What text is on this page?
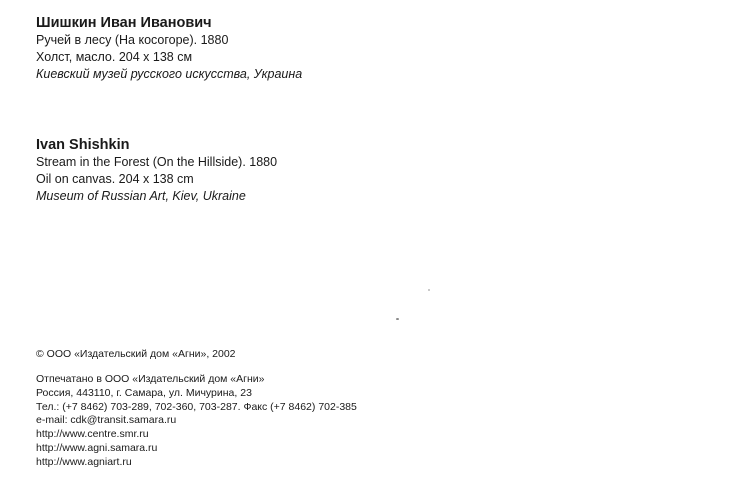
Шишкин Иван Иванович

Ручей в лесу (На косогоре). 1880

Холст, масло. 204 x 138 см

Киевский музей русского искусства, Украина

Ivan Shishkin

Stream in the Forest (On the Hillside). 1880

Oil on canvas. 204 x 138 cm

Museum of Russian Art, Kiev, Ukraine

© ООО «Издательский дом «Агни», 2002

Отпечатано в ООО «Издательский дом «Агни»

Россия, 443110, г. Самара, ул. Мичурина, 23

Тел.: (+7 8462) 703-289, 702-360, 703-287. Факс (+7 8462) 702-385

e-mail: cdk@transit.samara.ru

http://www.centre.smr.ru

http://www.agni.samara.ru

http://www.agniart.ru
